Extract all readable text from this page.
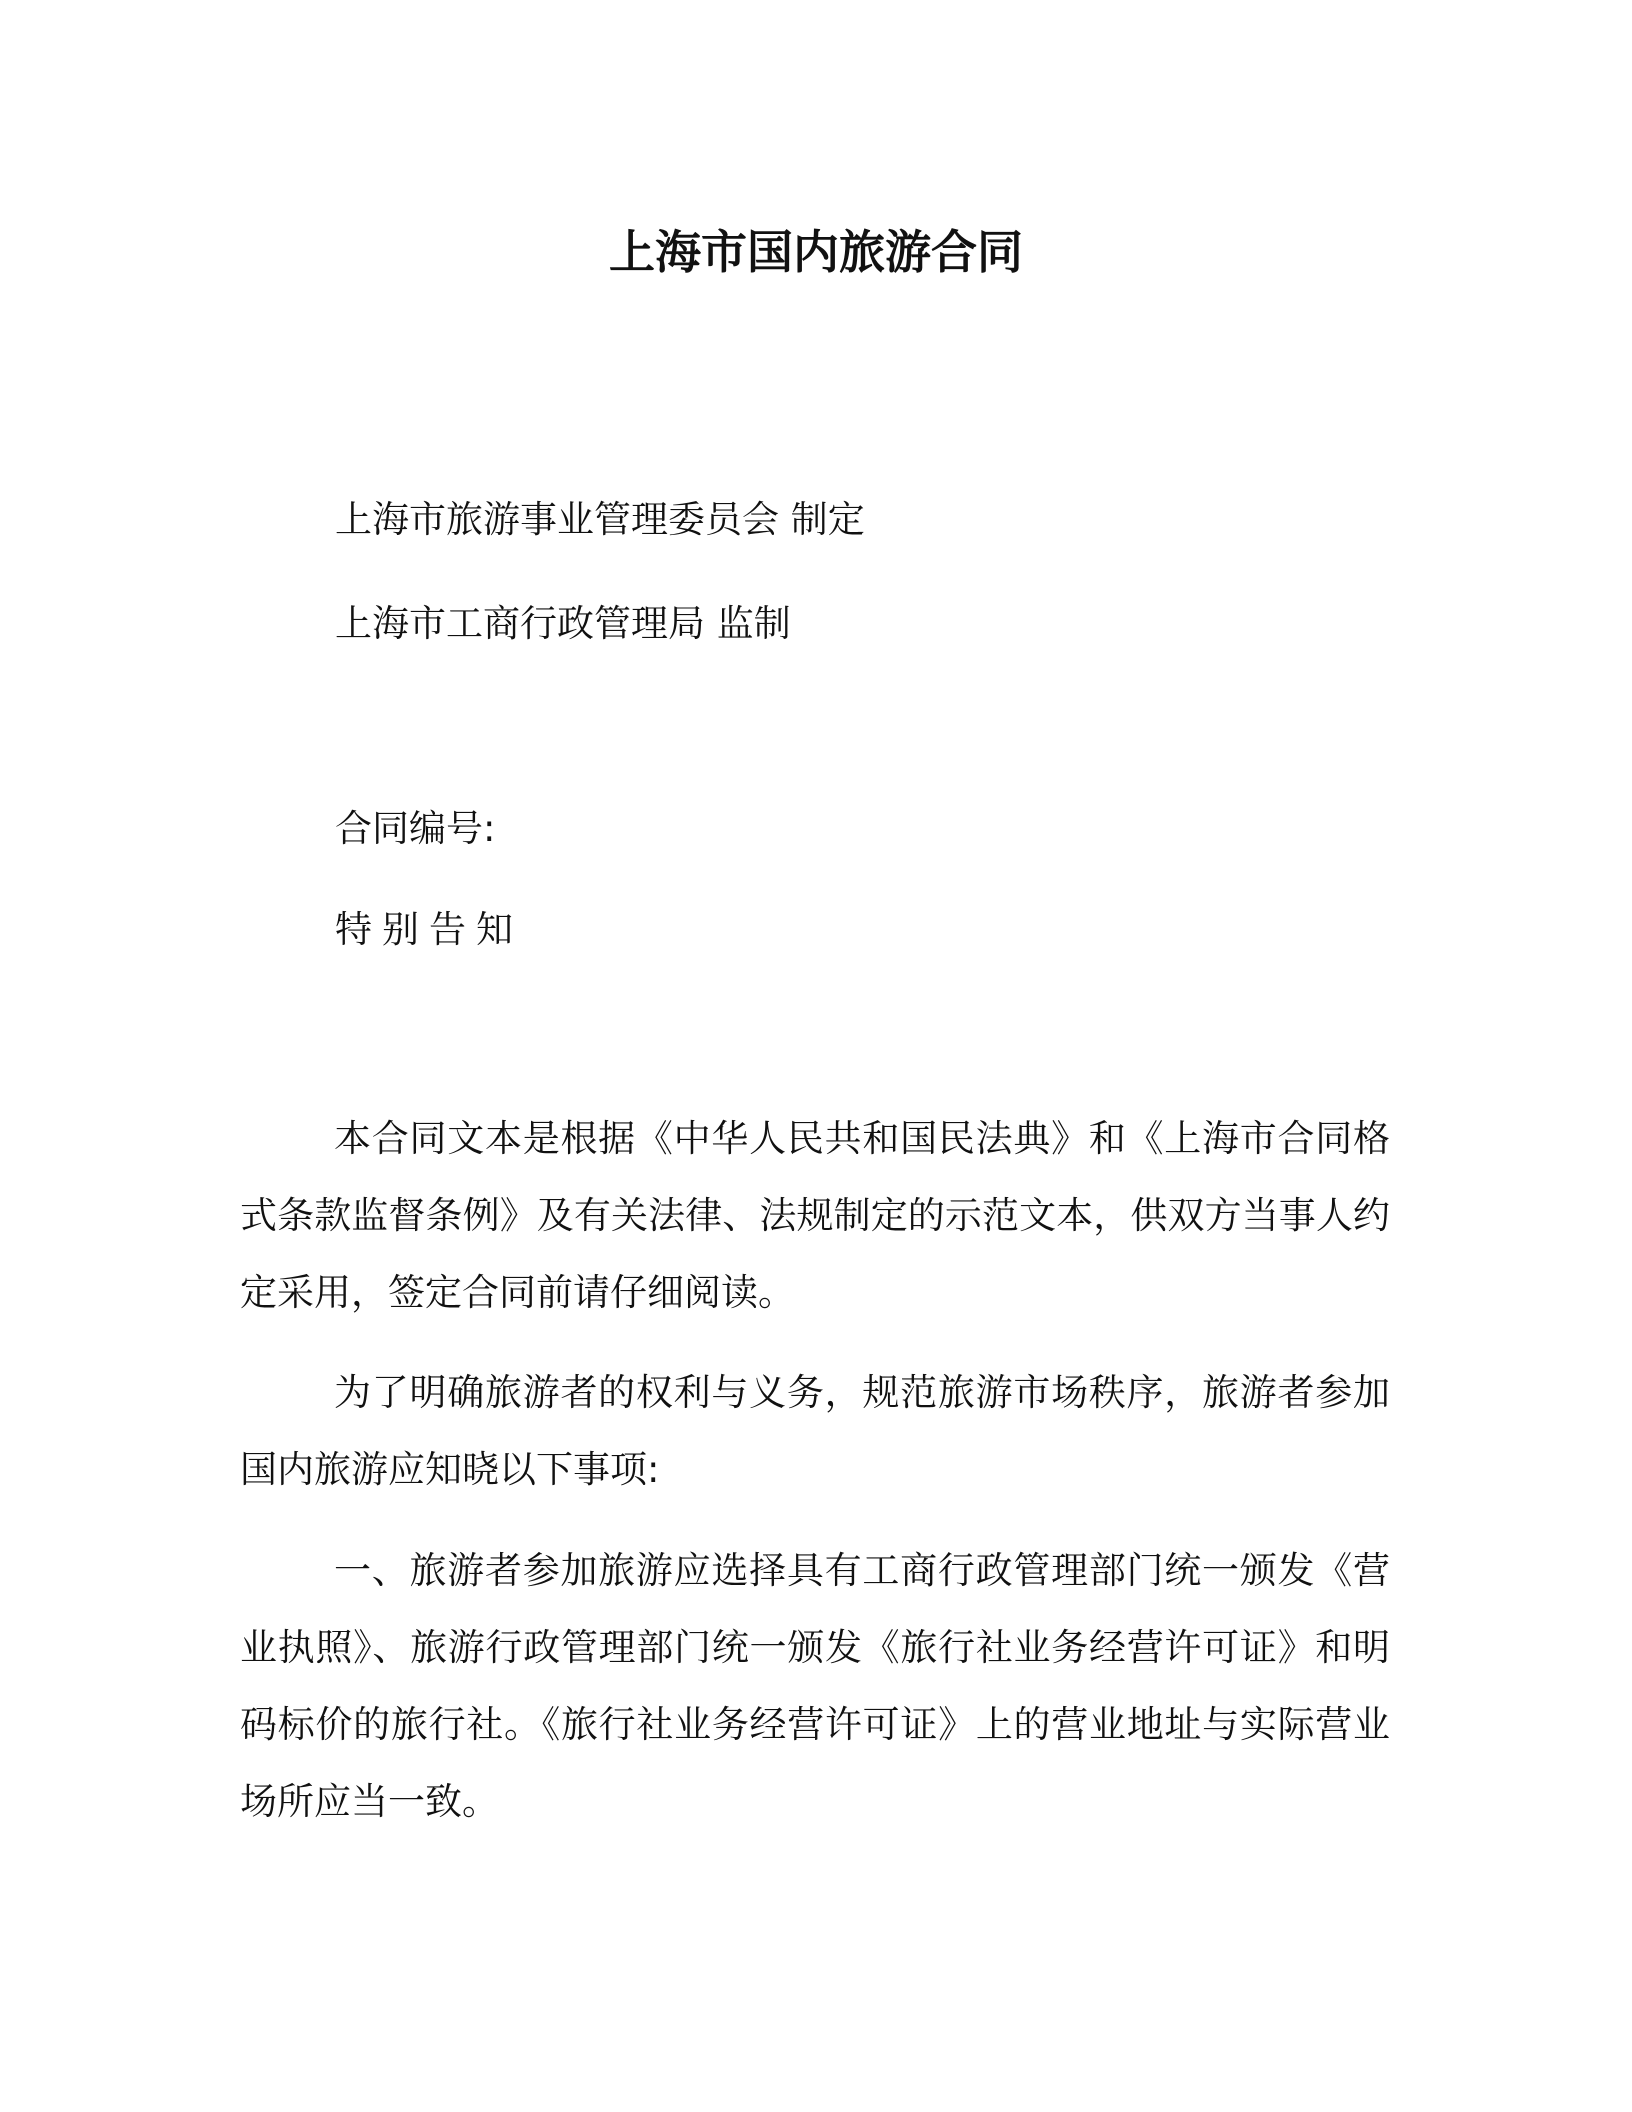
上海市国内旅游合同

上海市旅游事业管理委员会 制定

上海市工商行政管理局 监制

合同编号:

特别告知

本合同文本是根据《中华人民共和国民法典》和《上海市合同格式条款监督条例》及有关法律、法规制定的示范文本，供双方当事人约定采用，签定合同前请仔细阅读。

为了明确旅游者的权利与义务，规范旅游市场秩序，旅游者参加国内旅游应知晓以下事项:

一、旅游者参加旅游应选择具有工商行政管理部门统一颁发《营业执照》、旅游行政管理部门统一颁发《旅行社业务经营许可证》和明码标价的旅行社。《旅行社业务经营许可证》上的营业地址与实际营业场所应当一致。
